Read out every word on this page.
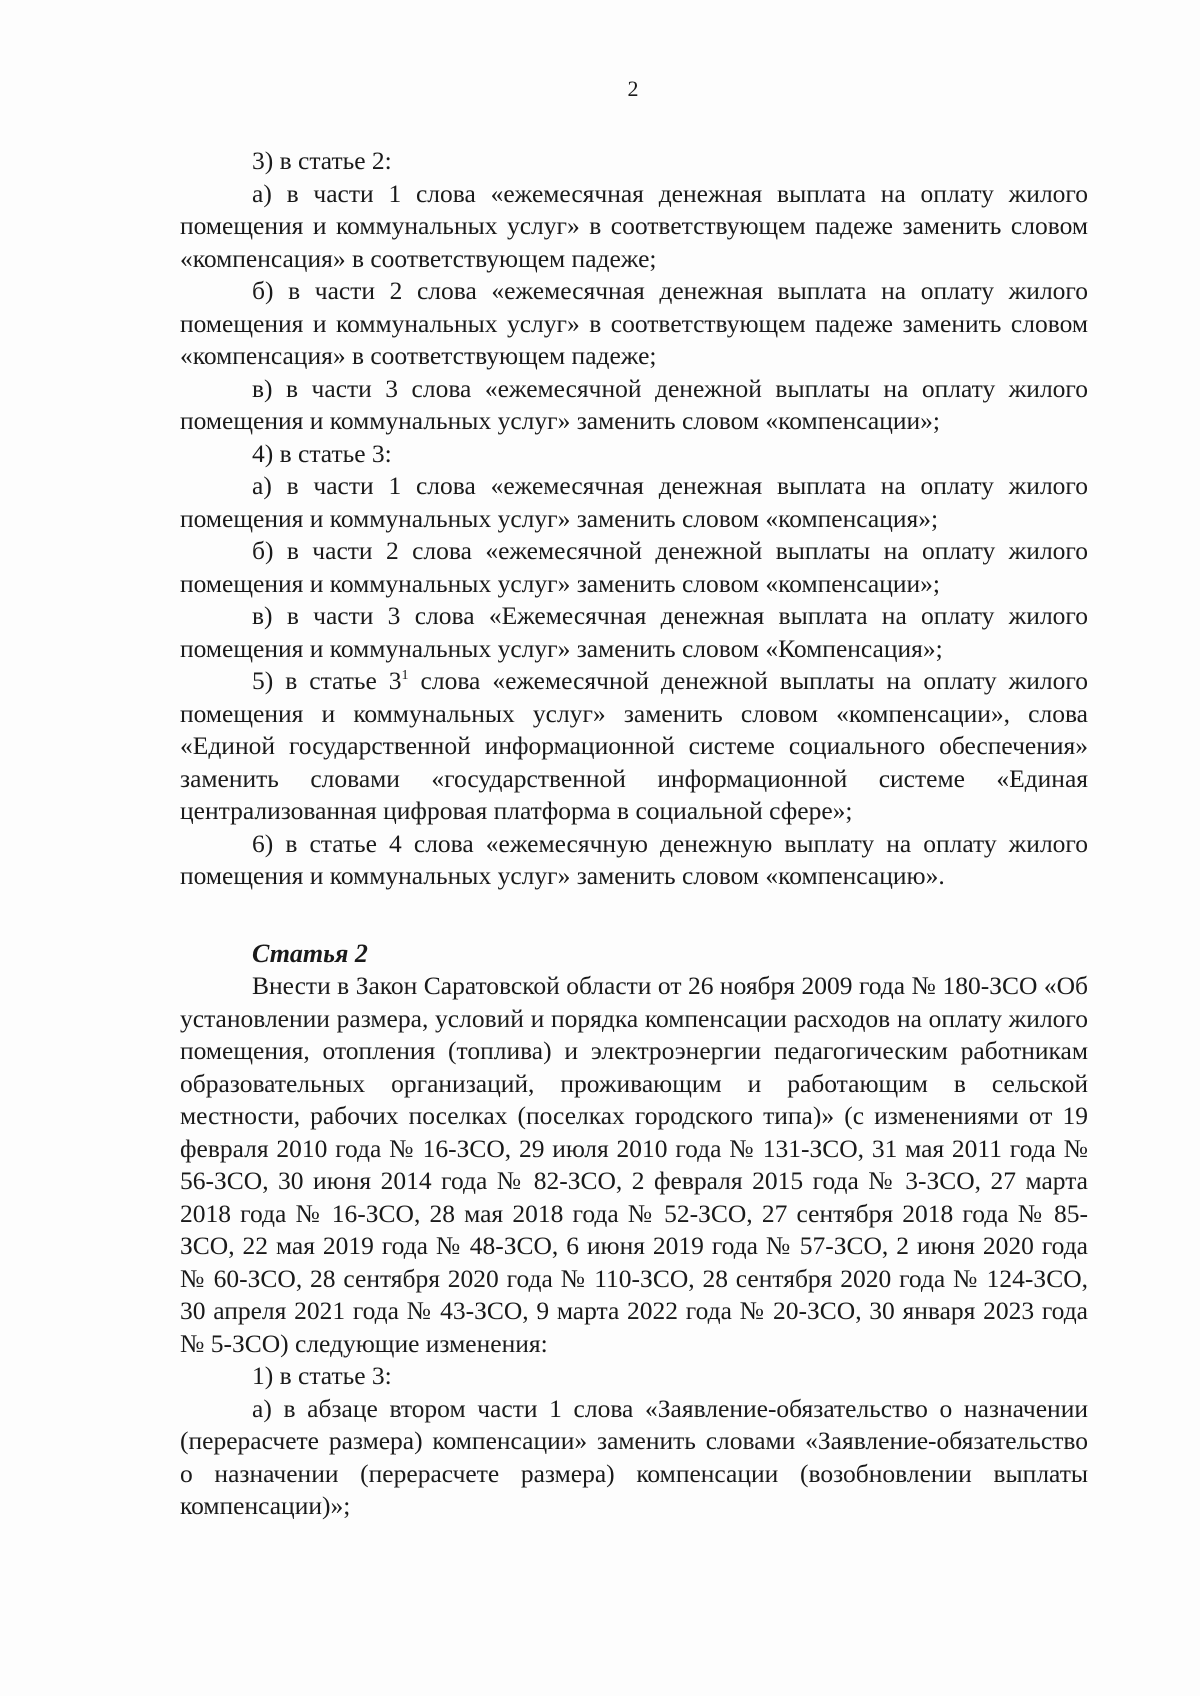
2

3) в статье 2:

а) в части 1 слова «ежемесячная денежная выплата на оплату жилого помещения и коммунальных услуг» в соответствующем падеже заменить словом «компенсация» в соответствующем падеже;

б) в части 2 слова «ежемесячная денежная выплата на оплату жилого помещения и коммунальных услуг» в соответствующем падеже заменить словом «компенсация» в соответствующем падеже;

в) в части 3 слова «ежемесячной денежной выплаты на оплату жилого помещения и коммунальных услуг» заменить словом «компенсации»;

4) в статье 3:

а) в части 1 слова «ежемесячная денежная выплата на оплату жилого помещения и коммунальных услуг» заменить словом «компенсация»;

б) в части 2 слова «ежемесячной денежной выплаты на оплату жилого помещения и коммунальных услуг» заменить словом «компенсации»;

в) в части 3 слова «Ежемесячная денежная выплата на оплату жилого помещения и коммунальных услуг» заменить словом «Компенсация»;

5) в статье $3^1$ слова «ежемесячной денежной выплаты на оплату жилого помещения и коммунальных услуг» заменить словом «компенсации», слова «Единой государственной информационной системе социального обеспечения» заменить словами «государственной информационной системе «Единая централизованная цифровая платформа в социальной сфере»;

6) в статье 4 слова «ежемесячную денежную выплату на оплату жилого помещения и коммунальных услуг» заменить словом «компенсацию».

Статья 2

Внести в Закон Саратовской области от 26 ноября 2009 года № 180-ЗСО «Об установлении размера, условий и порядка компенсации расходов на оплату жилого помещения, отопления (топлива) и электроэнергии педагогическим работникам образовательных организаций, проживающим и работающим в сельской местности, рабочих поселках (поселках городского типа)» (с изменениями от 19 февраля 2010 года № 16-ЗСО, 29 июля 2010 года № 131-ЗСО, 31 мая 2011 года № 56-ЗСО, 30 июня 2014 года № 82-ЗСО, 2 февраля 2015 года № 3-ЗСО, 27 марта 2018 года № 16-ЗСО, 28 мая 2018 года № 52-ЗСО, 27 сентября 2018 года № 85-ЗСО, 22 мая 2019 года № 48-ЗСО, 6 июня 2019 года № 57-ЗСО, 2 июня 2020 года № 60-ЗСО, 28 сентября 2020 года № 110-ЗСО, 28 сентября 2020 года № 124-ЗСО, 30 апреля 2021 года № 43-ЗСО, 9 марта 2022 года № 20-ЗСО, 30 января 2023 года № 5-ЗСО) следующие изменения:

1) в статье 3:

а) в абзаце втором части 1 слова «Заявление-обязательство о назначении (перерасчете размера) компенсации» заменить словами «Заявление-обязательство о назначении (перерасчете размера) компенсации (возобновлении выплаты компенсации)»;
